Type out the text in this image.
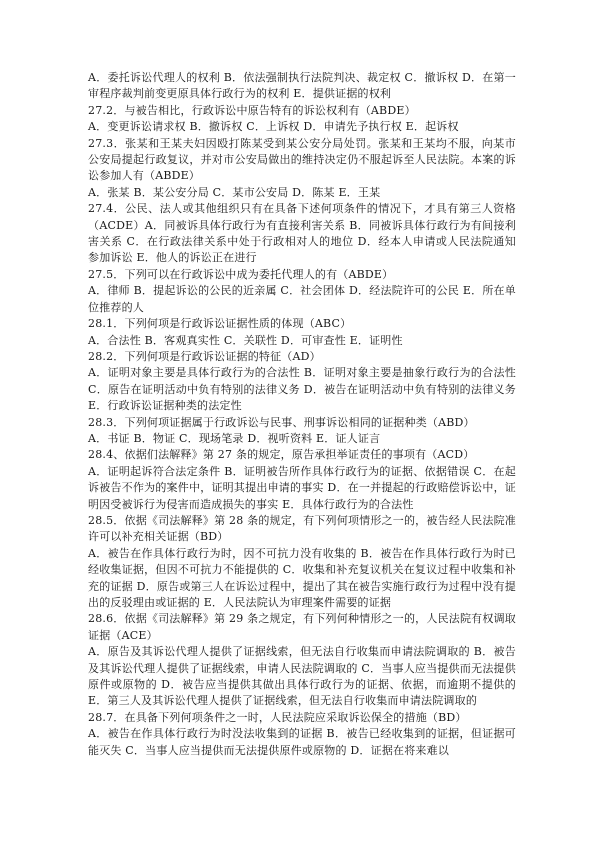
A．委托诉讼代理人的权利 B．依法强制执行法院判决、裁定权 C．撤诉权 D．在第一审程序裁判前变更原具体行政行为的权利 E．提供证据的权利

27.2．与被告相比，行政诉讼中原告特有的诉讼权利有（ABDE）

A．变更诉讼请求权 B．撤诉权 C．上诉权 D．申请先予执行权 E．起诉权

27.3．张某和王某夫妇因殴打陈某受到某公安分局处罚。张某和王某均不服，向某市公安局提起行政复议，并对市公安局做出的维持决定仍不服起诉至人民法院。本案的诉讼参加人有（ABDE）

A．张某 B．某公安分局 C．某市公安局 D．陈某 E．王某

27.4．公民、法人或其他组织只有在具备下述何项条件的情况下，才具有第三人资格（ACDE）A．同被诉具体行政行为有直接利害关系 B．同被诉具体行政行为有间接利害关系 C．在行政法律关系中处于行政相对人的地位 D．经本人申请或人民法院通知参加诉讼 E．他人的诉讼正在进行

27.5．下列可以在行政诉讼中成为委托代理人的有（ABDE）

A．律师 B．提起诉讼的公民的近亲属 C．社会团体 D．经法院许可的公民 E．所在单位推荐的人

28.1．下列何项是行政诉讼证据性质的体现（ABC）

A．合法性 B．客观真实性 C．关联性 D．可审查性 E．证明性

28.2．下列何项是行政诉讼证据的特征（AD）

A．证明对象主要是具体行政行为的合法性 B．证明对象主要是抽象行政行为的合法性 C．原告在证明活动中负有特别的法律义务 D．被告在证明活动中负有特别的法律义务 E．行政诉讼证据种类的法定性

28.3．下列何项证据属于行政诉讼与民事、刑事诉讼相同的证据种类（ABD）

A．书证 B．物证 C．现场笔录 D．视听资料 E．证人证言

28.4、依据们法解释》第 27 条的规定，原告承担举证责任的事项有（ACD）

A．证明起诉符合法定条件 B．证明被告所作具体行政行为的证据、依据错误 C．在起诉被告不作为的案件中，证明其提出申请的事实 D．在一并提起的行政赔偿诉讼中，证明因受被诉行为侵害而造成损失的事实 E．具体行政行为的合法性

28.5．依据《司法解释》第 28 条的规定，有下列何项情形之一的，被告经人民法院准许可以补充相关证据（BD）

A．被告在作具体行政行为时，因不可抗力没有收集的 B．被告在作具体行政行为时已经收集证据，但因不可抗力不能提供的 C．收集和补充复议机关在复议过程中收集和补充的证据 D．原告或第三人在诉讼过程中，提出了其在被告实施行政行为过程中没有提出的反驳理由或证据的 E．人民法院认为审理案件需要的证据

28.6．依据《司法解释》第 29 条之规定，有下列何种情形之一的，人民法院有权调取证据（ACE）

A．原告及其诉讼代理人提供了证据线索，但无法自行收集而申请法院调取的 B．被告及其诉讼代理人提供了证据线索，申请人民法院调取的 C．当事人应当提供而无法提供原件或原物的 D．被告应当提供其做出具体行政行为的证据、依据，而逾期不提供的 E．第三人及其诉讼代理人提供了证据线索，但无法自行收集而申请法院调取的

28.7．在具备下列何项条件之一时，人民法院应采取诉讼保全的措施（BD）

A．被告在作具体行政行为时没法收集到的证据 B．被告已经收集到的证据，但证据可能灭失 C．当事人应当提供而无法提供原件或原物的 D．证据在将来难以
